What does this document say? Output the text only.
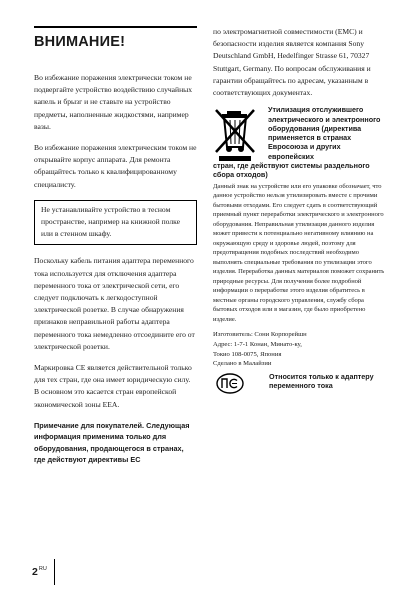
ВНИМАНИЕ!

Во избежание поражения электрически током не подвергайте устройство воздействию случайных капель и брызг и не ставьте на устройство предметы, наполненные жидкостями, например вазы.

Во избежание поражения электрическим током не открывайте корпус аппарата. Для ремонта обращайтесь только к квалифицированному специалисту.

Не устанавливайте устройство в тесном пространстве, например на книжной полке или в стенном шкафу.

Поскольку кабель питания адаптера переменного тока используется для отключения адаптера переменного тока от электрической сети, его следует подключать к легкодоступной электрической розетке. В случае обнаружения признаков неправильной работы адаптера переменного тока немедленно отсоедините его от электрической розетки.

Маркировка CE является действительной только для тех стран, где она имеет юридическую силу. В основном это касается стран европейской экономической зоны EEA.

Примечание для покупателей. Следующая информация применима только для оборудования, продающегося в странах, где действуют директивы EC

по электромагнитной совместимости (EMC) и безопасности изделия является компания Sony Deutschland GmbH, Hedelfinger Strasse 61, 70327 Stuttgart, Germany. По вопросам обслуживания и гарантии обращайтесь по адресам, указанным в соответствующих документах.

Утилизация отслужившего электрического и электронного оборудования (директива применяется в странах Евросоюза и других европейских

стран, где действуют системы раздельного сбора отходов)

Данный знак на устройстве или его упаковке обозначает, что данное устройство нельзя утилизировать вместе с прочими бытовыми отходами. Его следует сдать в соответствующий приемный пункт переработки электрического и электронного оборудования. Неправильная утилизация данного изделия может привести к потенциально негативному влиянию на окружающую среду и здоровье людей, поэтому для предотвращения подобных последствий необходимо выполнять специальные требования по утилизации этого изделия. Переработка данных материалов поможет сохранить природные ресурсы. Для получения более подробной информации о переработке этого изделия обратитесь в местные органы городского управления, службу сбора бытовых отходов или в магазин, где было приобретено изделие.

Изготовитель: Сони Корпорейшн
Адрес: 1-7-1 Конан, Минато-ку,
Токио 108-0075, Япония
Сделано в Малайзии
Относится только к адаптеру переменного тока
$2^{RU}$
